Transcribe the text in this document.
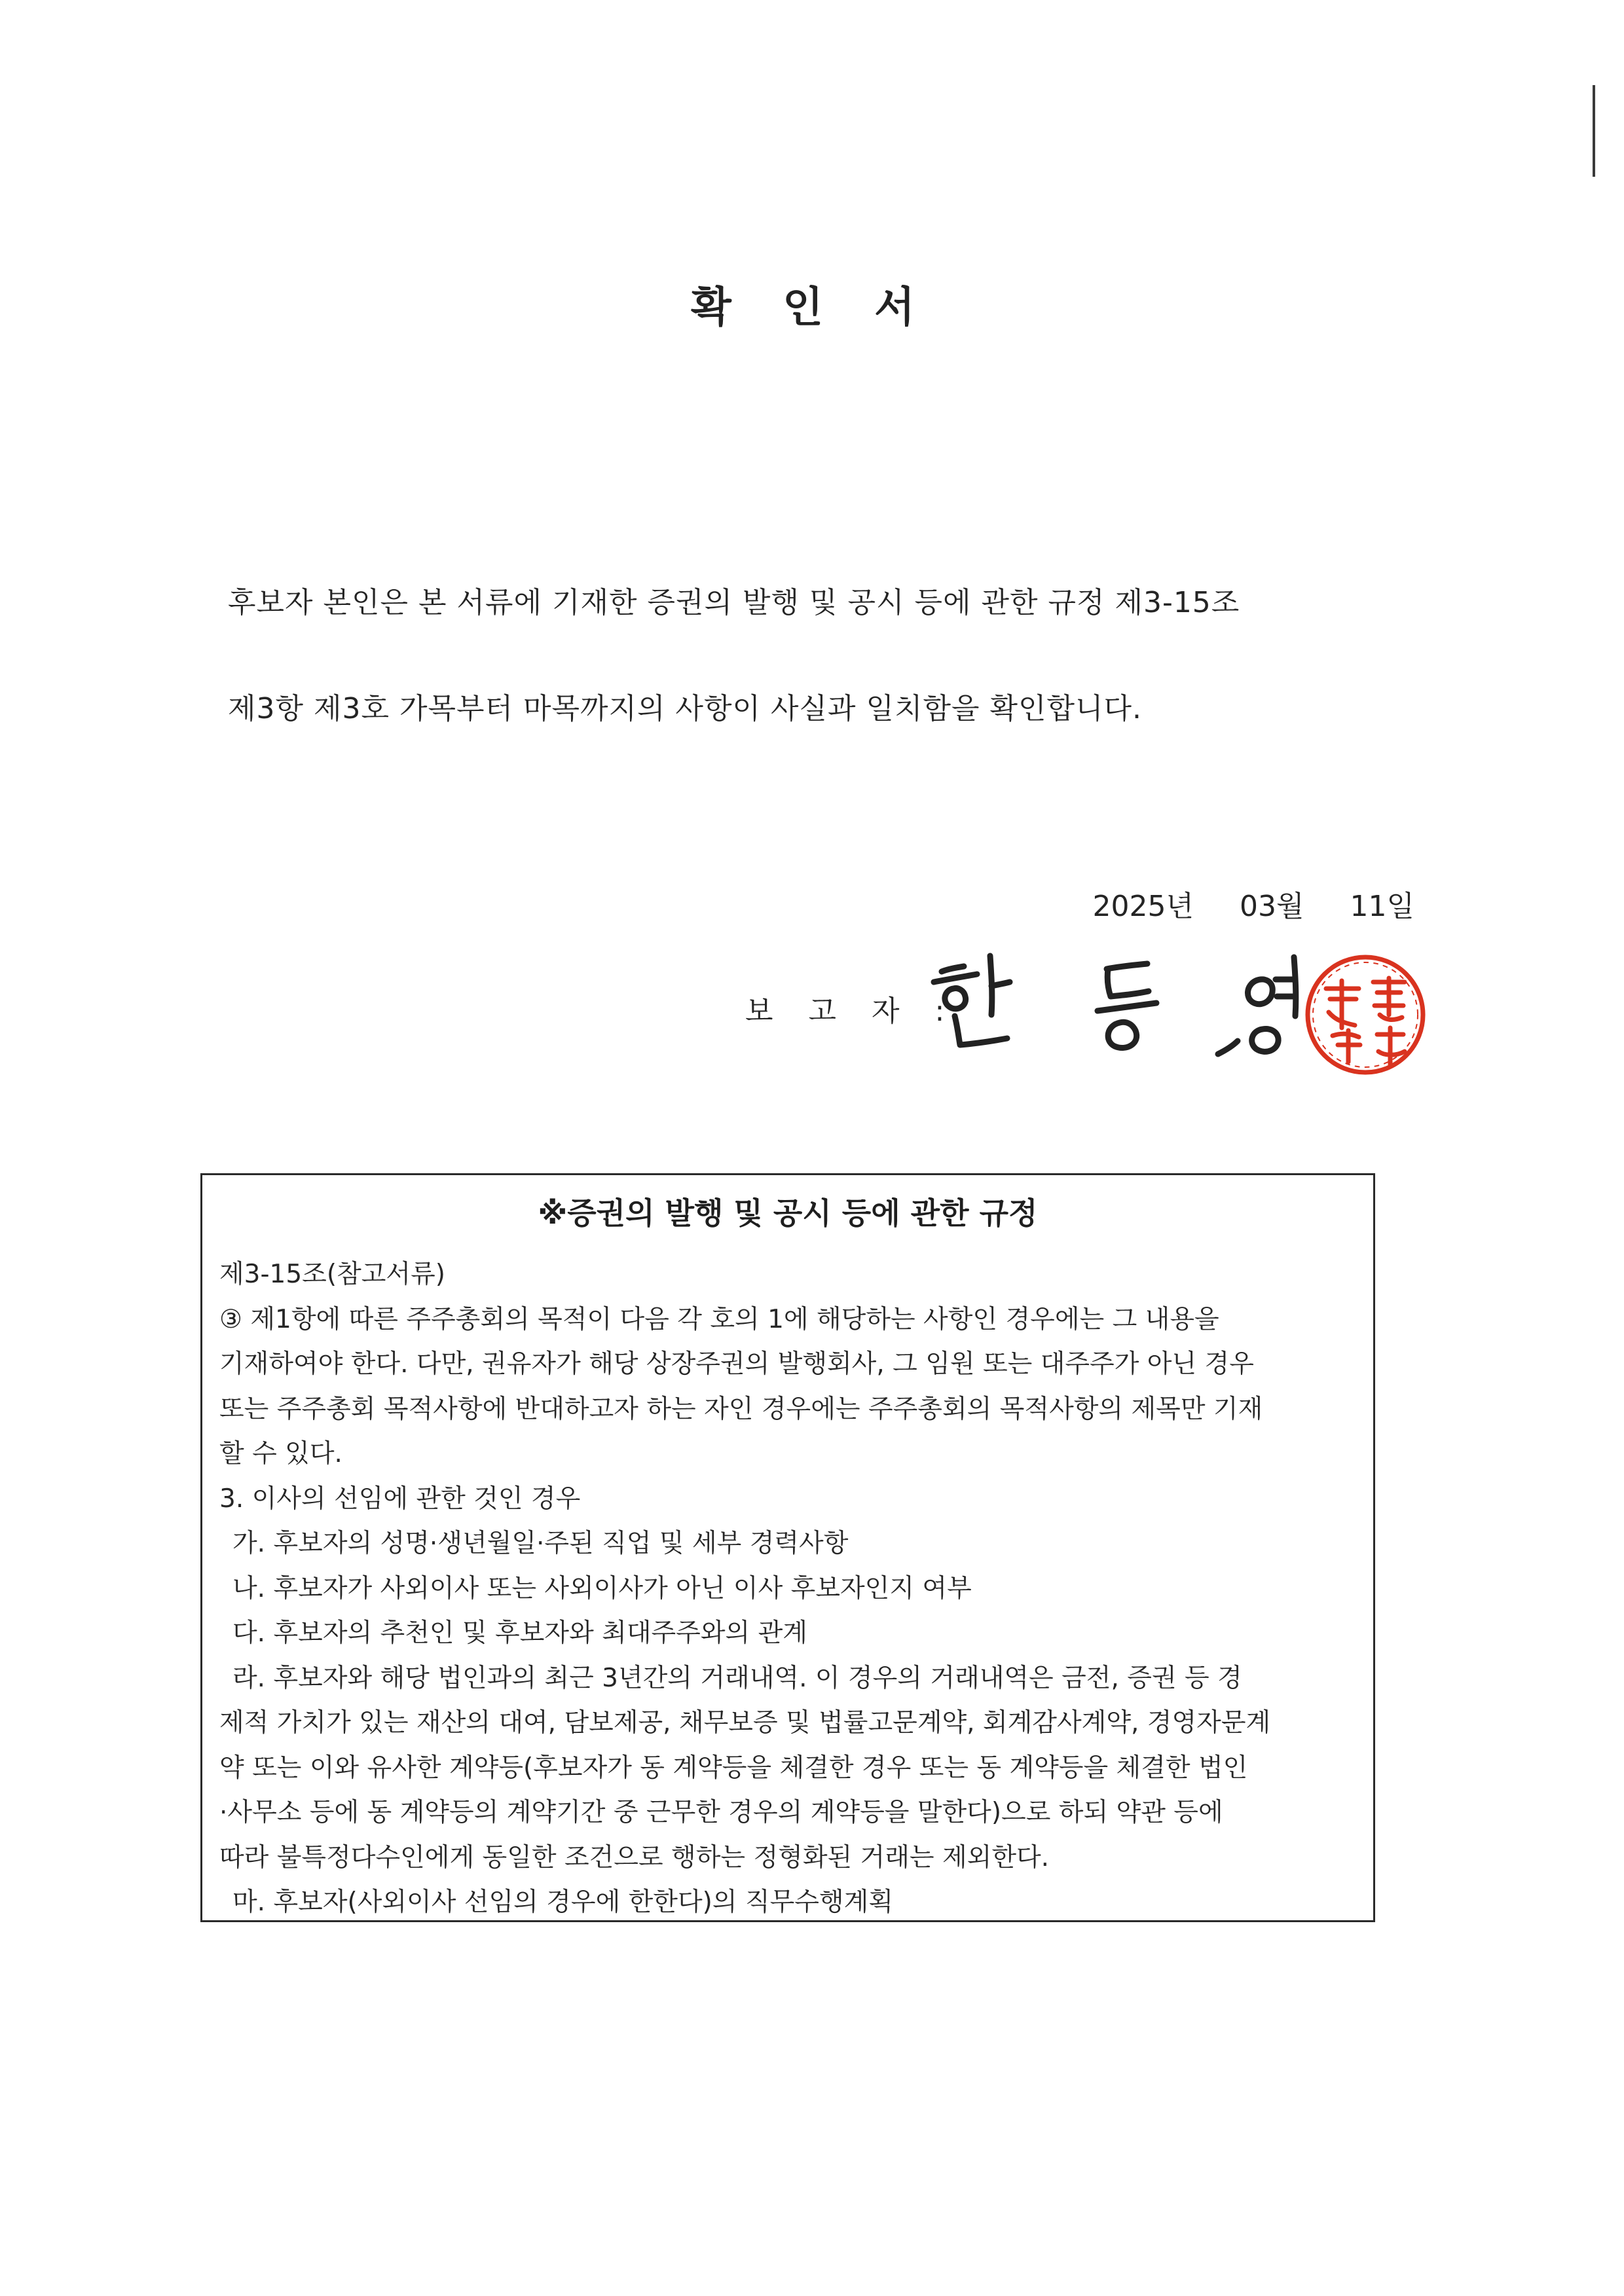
확 인 서
후보자 본인은 본 서류에 기재한 증권의 발행 및 공시 등에 관한 규정 제3-15조
제3항 제3호 가목부터 마목까지의 사항이 사실과 일치함을 확인합니다.
2025년 03월 11일
보 고 자 :
※증권의 발행 및 공시 등에 관한 규정
제3-15조(참고서류)
③ 제1항에 따른 주주총회의 목적이 다음 각 호의 1에 해당하는 사항인 경우에는 그 내용을
기재하여야 한다. 다만, 권유자가 해당 상장주권의 발행회사, 그 임원 또는 대주주가 아닌 경우
또는 주주총회 목적사항에 반대하고자 하는 자인 경우에는 주주총회의 목적사항의 제목만 기재
할 수 있다.
3. 이사의 선임에 관한 것인 경우
가. 후보자의 성명·생년월일·주된 직업 및 세부 경력사항
나. 후보자가 사외이사 또는 사외이사가 아닌 이사 후보자인지 여부
다. 후보자의 추천인 및 후보자와 최대주주와의 관계
라. 후보자와 해당 법인과의 최근 3년간의 거래내역. 이 경우의 거래내역은 금전, 증권 등 경
제적 가치가 있는 재산의 대여, 담보제공, 채무보증 및 법률고문계약, 회계감사계약, 경영자문계
약 또는 이와 유사한 계약등(후보자가 동 계약등을 체결한 경우 또는 동 계약등을 체결한 법인
·사무소 등에 동 계약등의 계약기간 중 근무한 경우의 계약등을 말한다)으로 하되 약관 등에
따라 불특정다수인에게 동일한 조건으로 행하는 정형화된 거래는 제외한다.
마. 후보자(사외이사 선임의 경우에 한한다)의 직무수행계획
